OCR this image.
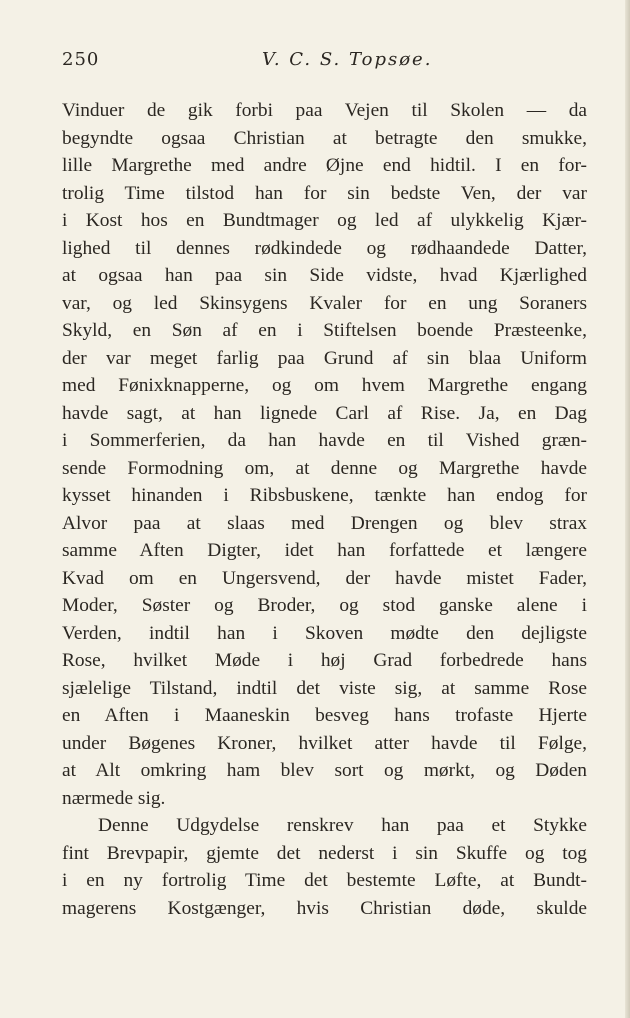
250	V. C. S. Topsøe.
Vinduer de gik forbi paa Vejen til Skolen — da
begyndte ogsaa Christian at betragte den smukke,
lille Margrethe med andre Øjne end hidtil. I en for-
trolig Time tilstod han for sin bedste Ven, der var
i Kost hos en Bundtmager og led af ulykkelig Kjær-
lighed til dennes rødkindede og rødhaandede Datter,
at ogsaa han paa sin Side vidste, hvad Kjærlighed
var, og led Skinsygens Kvaler for en ung Soraners
Skyld, en Søn af en i Stiftelsen boende Præsteenke,
der var meget farlig paa Grund af sin blaa Uniform
med Fønixknapperne, og om hvem Margrethe engang
havde sagt, at han lignede Carl af Rise. Ja, en Dag
i Sommerferien, da han havde en til Vished græn-
sende Formodning om, at denne og Margrethe havde
kysset hinanden i Ribsbuskene, tænkte han endog for
Alvor paa at slaas med Drengen og blev strax
samme Aften Digter, idet han forfattede et længere
Kvad om en Ungersvend, der havde mistet Fader,
Moder, Søster og Broder, og stod ganske alene i
Verden, indtil han i Skoven mødte den dejligste
Rose, hvilket Møde i høj Grad forbedrede hans
sjælelige Tilstand, indtil det viste sig, at samme Rose
en Aften i Maaneskin besveg hans trofaste Hjerte
under Bøgenes Kroner, hvilket atter havde til Følge,
at Alt omkring ham blev sort og mørkt, og Døden
nærmede sig.
Denne Udgydelse renskrev han paa et Stykke
fint Brevpapir, gjemte det nederst i sin Skuffe og tog
i en ny fortrolig Time det bestemte Løfte, at Bundt-
magerens Kostgænger, hvis Christian døde, skulde
